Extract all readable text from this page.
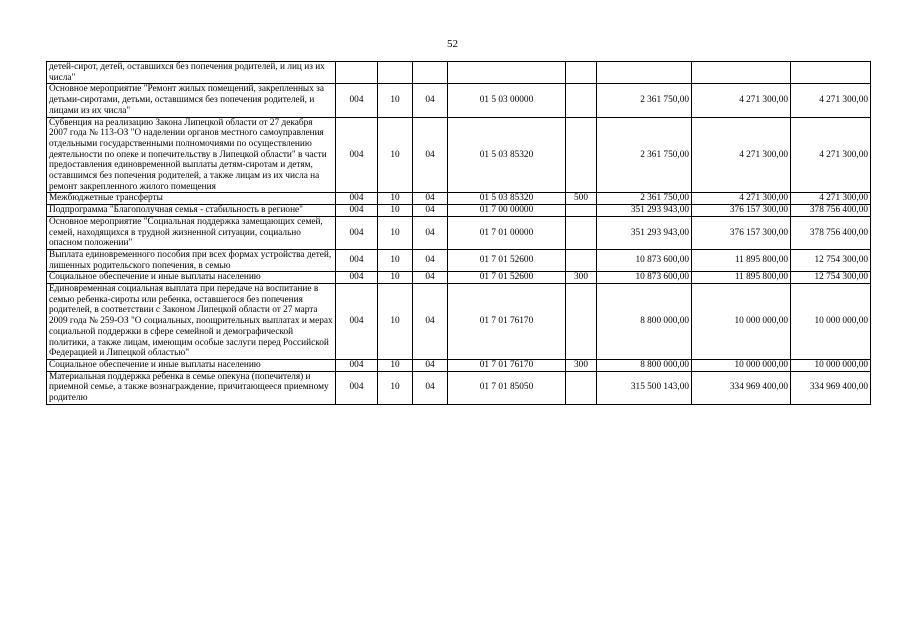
52
детей-сирот, детей, оставшихся без попечения родителей, и лиц из их числа"								
Основное мероприятие "Ремонт жилых помещений, закрепленных за детьми-сиротами, детьми, оставшимся без попечения родителей, и лицами из их числа"	004	10	04	01 5 03 00000		2 361 750,00	4 271 300,00	4 271 300,00
Субвенция на реализацию Закона Липецкой области от 27 декабря 2007 года № 113-ОЗ "О наделении органов местного самоуправления отдельными государственными полномочиями по осуществлению деятельности по опеке и попечительству в Липецкой области" в части предоставления единовременной выплаты детям-сиротам и детям, оставшимся без попечения родителей, а также лицам из их числа на ремонт закрепленного жилого помещения	004	10	04	01 5 03 85320		2 361 750,00	4 271 300,00	4 271 300,00
Межбюджетные трансферты	004	10	04	01 5 03 85320	500	2 361 750,00	4 271 300,00	4 271 300,00
Подпрограмма "Благополучная семья - стабильность в регионе"	004	10	04	01 7 00 00000		351 293 943,00	376 157 300,00	378 756 400,00
Основное мероприятие "Социальная поддержка замещающих семей, семей, находящихся в трудной жизненной ситуации, социально опасном положении"	004	10	04	01 7 01 00000		351 293 943,00	376 157 300,00	378 756 400,00
Выплата единовременного пособия при всех формах устройства детей, лишенных родительского попечения, в семью	004	10	04	01 7 01 52600		10 873 600,00	11 895 800,00	12 754 300,00
Социальное обеспечение и иные выплаты населению	004	10	04	01 7 01 52600	300	10 873 600,00	11 895 800,00	12 754 300,00
Единовременная социальная выплата при передаче на воспитание в семью ребенка-сироты или ребенка, оставшегося без попечения родителей, в соответствии с Законом Липецкой области от 27 марта 2009 года № 259-ОЗ "О социальных, поощрительных выплатах и мерах социальной поддержки в сфере семейной и демографической политики, а также лицам, имеющим особые заслуги перед Российской Федерацией и Липецкой областью"	004	10	04	01 7 01 76170		8 800 000,00	10 000 000,00	10 000 000,00
Социальное обеспечение и иные выплаты населению	004	10	04	01 7 01 76170	300	8 800 000,00	10 000 000,00	10 000 000,00
Материальная поддержка ребенка в семье опекуна (попечителя) и приемной семье, а также вознаграждение, причитающееся приемному родителю	004	10	04	01 7 01 85050		315 500 143,00	334 969 400,00	334 969 400,00
